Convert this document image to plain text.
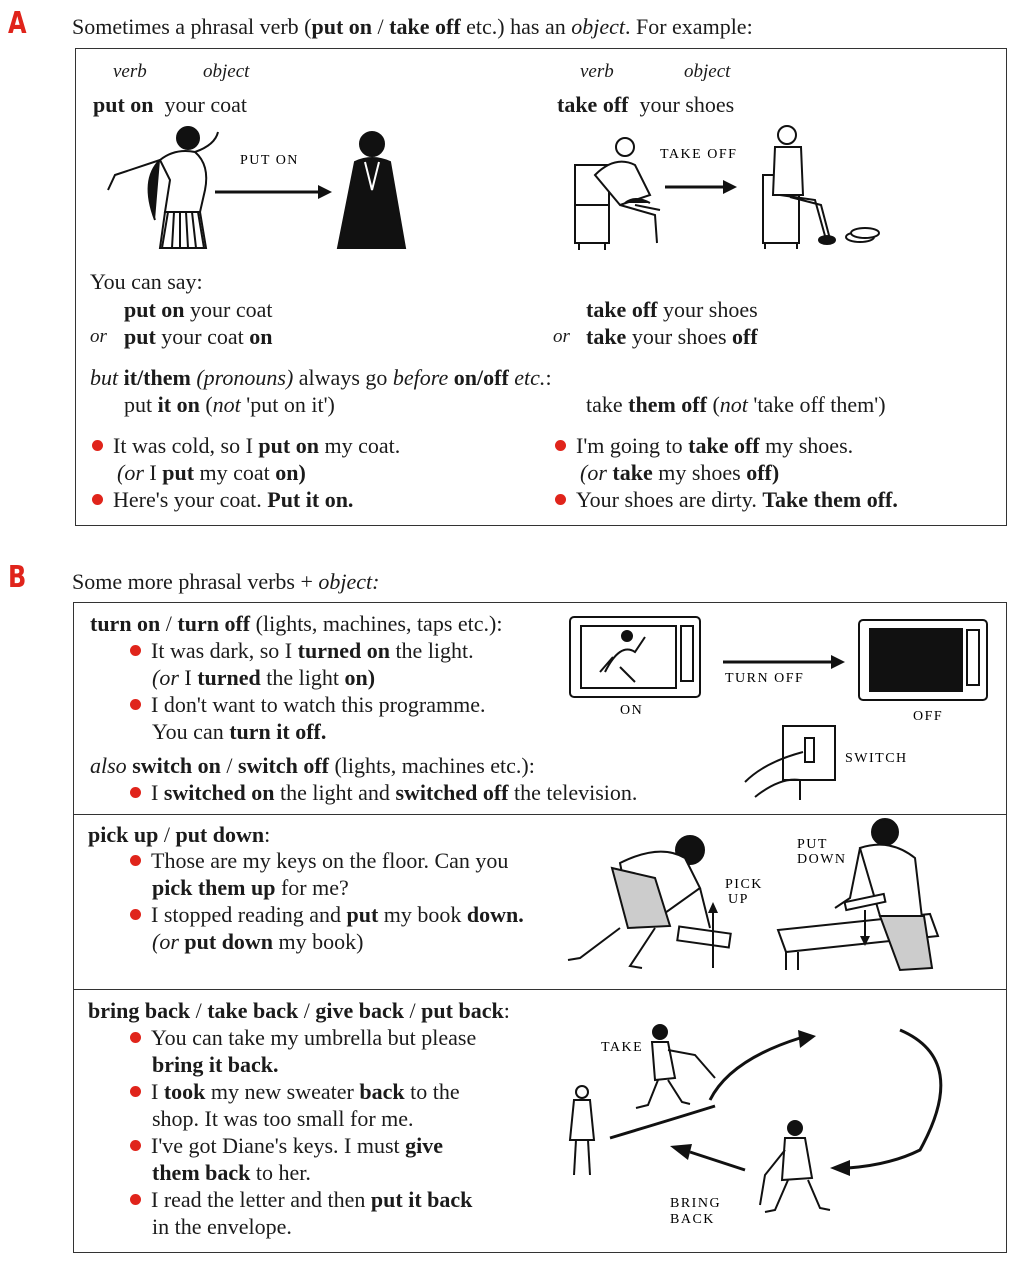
A Sometimes a phrasal verb (put on / take off etc.) has an object. For example:
verb	object
put on your coat
verb	object
take off your shoes
PUT ON	TAKE OFF
You can say:
put on your coat
or put your coat on
take off your shoes
or take your shoes off
but it/them (pronouns) always go before on/off etc.:
put it on (not 'put on it')	take them off (not 'take off them')
It was cold, so I put on my coat.
(or I put my coat on)
Here's your coat. Put it on.
I'm going to take off my shoes.
(or take my shoes off)
Your shoes are dirty. Take them off.
B Some more phrasal verbs + object:
turn on / turn off (lights, machines, taps etc.):
It was dark, so I turned on the light.
(or I turned the light on)
I don't want to watch this programme.
You can turn it off.
also switch on / switch off (lights, machines etc.):
I switched on the light and switched off the television.
ON
TURN OFF
OFF
SWITCH
pick up / put down:
Those are my keys on the floor. Can you
pick them up for me?
I stopped reading and put my book down.
(or put down my book)
PICK
UP
PUT
DOWN
bring back / take back / give back / put back:
You can take my umbrella but please
bring it back.
I took my new sweater back to the
shop. It was too small for me.
I've got Diane's keys. I must give
them back to her.
I read the letter and then put it back
in the envelope.
TAKE
BRING
BACK
